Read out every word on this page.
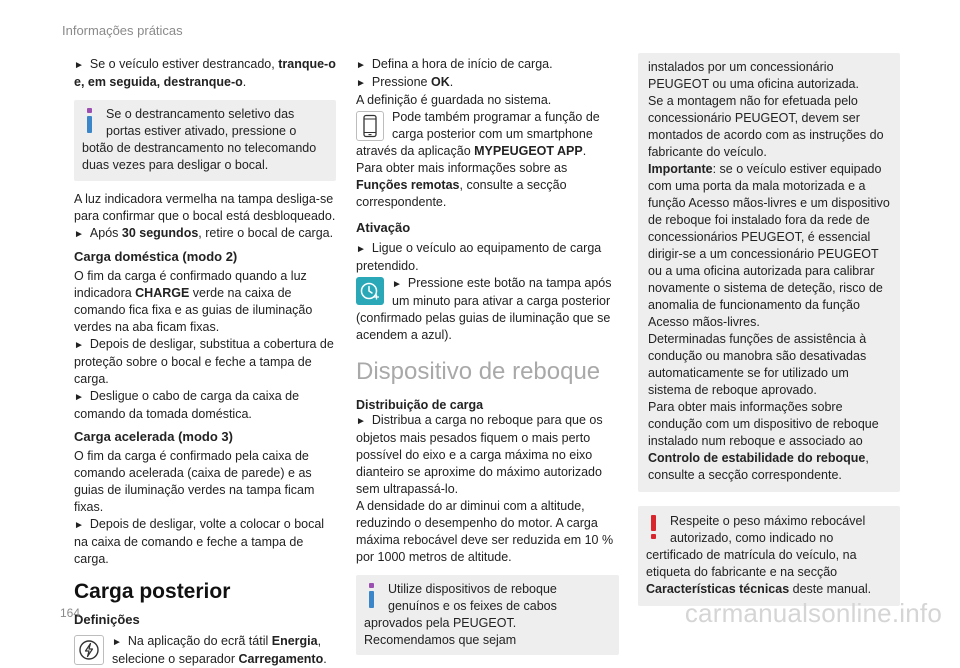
Informações práticas

► Se o veículo estiver destrancado, tranque-o e, em seguida, destranque-o.

Se o destrancamento seletivo das portas estiver ativado, pressione o botão de destrancamento no telecomando duas vezes para desligar o bocal.

A luz indicadora vermelha na tampa desliga-se para confirmar que o bocal está desbloqueado.

► Após 30 segundos, retire o bocal de carga.

Carga doméstica (modo 2)

O fim da carga é confirmado quando a luz indicadora CHARGE verde na caixa de comando fica fixa e as guias de iluminação verdes na aba ficam fixas.

► Depois de desligar, substitua a cobertura de proteção sobre o bocal e feche a tampa de carga.

► Desligue o cabo de carga da caixa de comando da tomada doméstica.

Carga acelerada (modo 3)

O fim da carga é confirmado pela caixa de comando acelerada (caixa de parede) e as guias de iluminação verdes na tampa ficam fixas.

► Depois de desligar, volte a colocar o bocal na caixa de comando e feche a tampa de carga.

Carga posterior
Definições

► Na aplicação do ecrã tátil Energia, selecione o separador Carregamento.

► Defina a hora de início de carga.

► Pressione OK.

A definição é guardada no sistema.

Pode também programar a função de carga posterior com um smartphone através da aplicação MYPEUGEOT APP.

Para obter mais informações sobre as Funções remotas, consulte a secção correspondente.

Ativação

► Ligue o veículo ao equipamento de carga pretendido.

► Pressione este botão na tampa após um minuto para ativar a carga posterior (confirmado pelas guias de iluminação que se acendem a azul).

Dispositivo de reboque
Distribuição de carga

► Distribua a carga no reboque para que os objetos mais pesados fiquem o mais perto possível do eixo e a carga máxima no eixo dianteiro se aproxime do máximo autorizado sem ultrapassá-lo.

A densidade do ar diminui com a altitude, reduzindo o desempenho do motor. A carga máxima rebocável deve ser reduzida em 10 % por 1000 metros de altitude.

Utilize dispositivos de reboque genuínos e os feixes de cabos aprovados pela PEUGEOT. Recomendamos que sejam

instalados por um concessionário PEUGEOT ou uma oficina autorizada.

Se a montagem não for efetuada pelo concessionário PEUGEOT, devem ser montados de acordo com as instruções do fabricante do veículo.

Importante: se o veículo estiver equipado com uma porta da mala motorizada e a função Acesso mãos-livres e um dispositivo de reboque foi instalado fora da rede de concessionários PEUGEOT, é essencial dirigir-se a um concessionário PEUGEOT ou a uma oficina autorizada para calibrar novamente o sistema de deteção, risco de anomalia de funcionamento da função Acesso mãos-livres.

Determinadas funções de assistência à condução ou manobra são desativadas automaticamente se for utilizado um sistema de reboque aprovado.

Para obter mais informações sobre condução com um dispositivo de reboque instalado num reboque e associado ao Controlo de estabilidade do reboque, consulte a secção correspondente.

Respeite o peso máximo rebocável autorizado, como indicado no certificado de matrícula do veículo, na etiqueta do fabricante e na secção Características técnicas deste manual.

164	carmanualsonline.info
